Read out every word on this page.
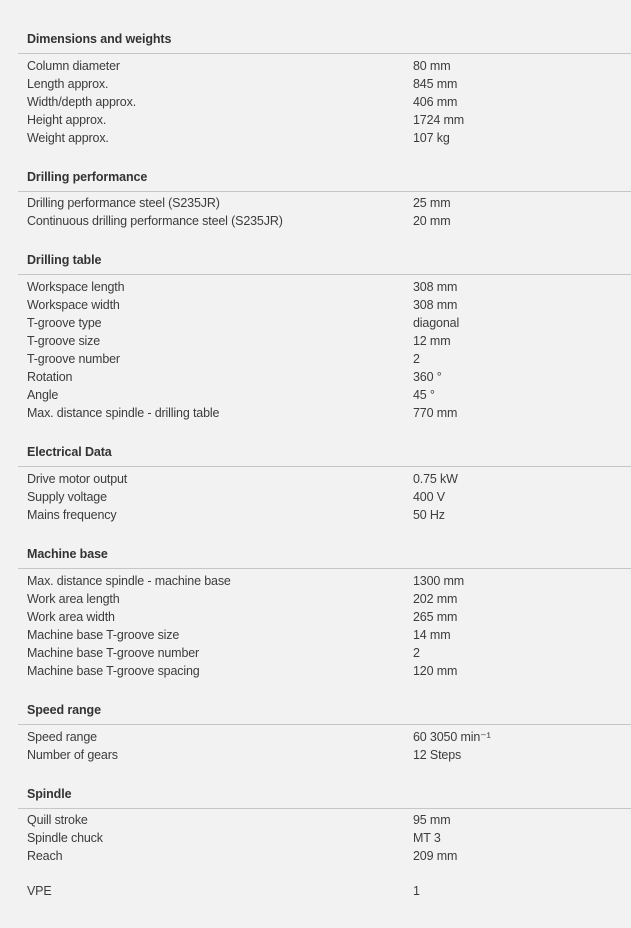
Dimensions and weights
Column diameter	80 mm
Length approx.	845 mm
Width/depth approx.	406 mm
Height approx.	1724 mm
Weight approx.	107 kg
Drilling performance
Drilling performance steel (S235JR)	25 mm
Continuous drilling performance steel (S235JR)	20 mm
Drilling table
Workspace length	308 mm
Workspace width	308 mm
T-groove type	diagonal
T-groove size	12 mm
T-groove number	2
Rotation	360 °
Angle	45 °
Max. distance spindle - drilling table	770 mm
Electrical Data
Drive motor output	0.75 kW
Supply voltage	400 V
Mains frequency	50 Hz
Machine base
Max. distance spindle - machine base	1300 mm
Work area length	202 mm
Work area width	265 mm
Machine base T-groove size	14 mm
Machine base T-groove number	2
Machine base T-groove spacing	120 mm
Speed range
Speed range	60 3050 min⁻¹
Number of gears	12 Steps
Spindle
Quill stroke	95 mm
Spindle chuck	MT 3
Reach	209 mm
VPE	1
